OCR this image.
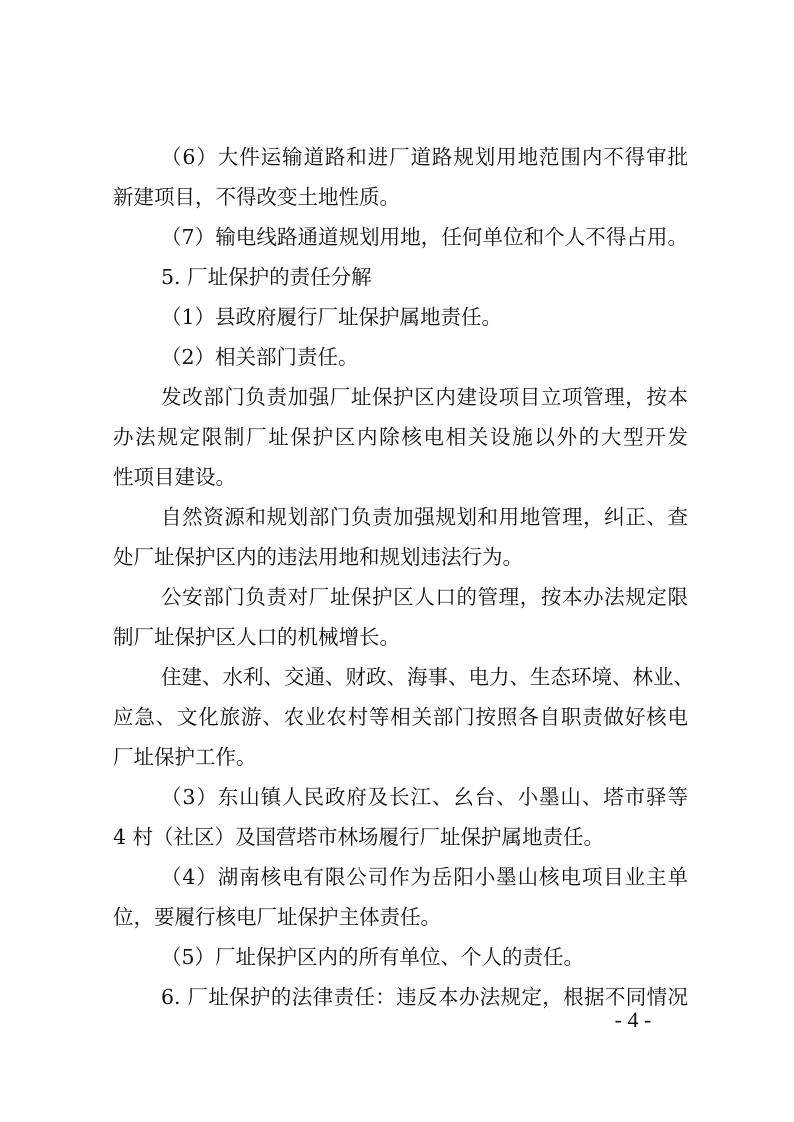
（6）大件运输道路和进厂道路规划用地范围内不得审批
新建项目，不得改变土地性质。
（7）输电线路通道规划用地，任何单位和个人不得占用。
5. 厂址保护的责任分解
（1）县政府履行厂址保护属地责任。
（2）相关部门责任。
发改部门负责加强厂址保护区内建设项目立项管理，按本
办法规定限制厂址保护区内除核电相关设施以外的大型开发
性项目建设。
自然资源和规划部门负责加强规划和用地管理，纠正、查
处厂址保护区内的违法用地和规划违法行为。
公安部门负责对厂址保护区人口的管理，按本办法规定限
制厂址保护区人口的机械增长。
住建、水利、交通、财政、海事、电力、生态环境、林业、
应急、文化旅游、农业农村等相关部门按照各自职责做好核电
厂址保护工作。
（3）东山镇人民政府及长江、幺台、小墨山、塔市驿等
4 村（社区）及国营塔市林场履行厂址保护属地责任。
（4）湖南核电有限公司作为岳阳小墨山核电项目业主单
位，要履行核电厂址保护主体责任。
（5）厂址保护区内的所有单位、个人的责任。
6. 厂址保护的法律责任：违反本办法规定，根据不同情况
- 4 -
